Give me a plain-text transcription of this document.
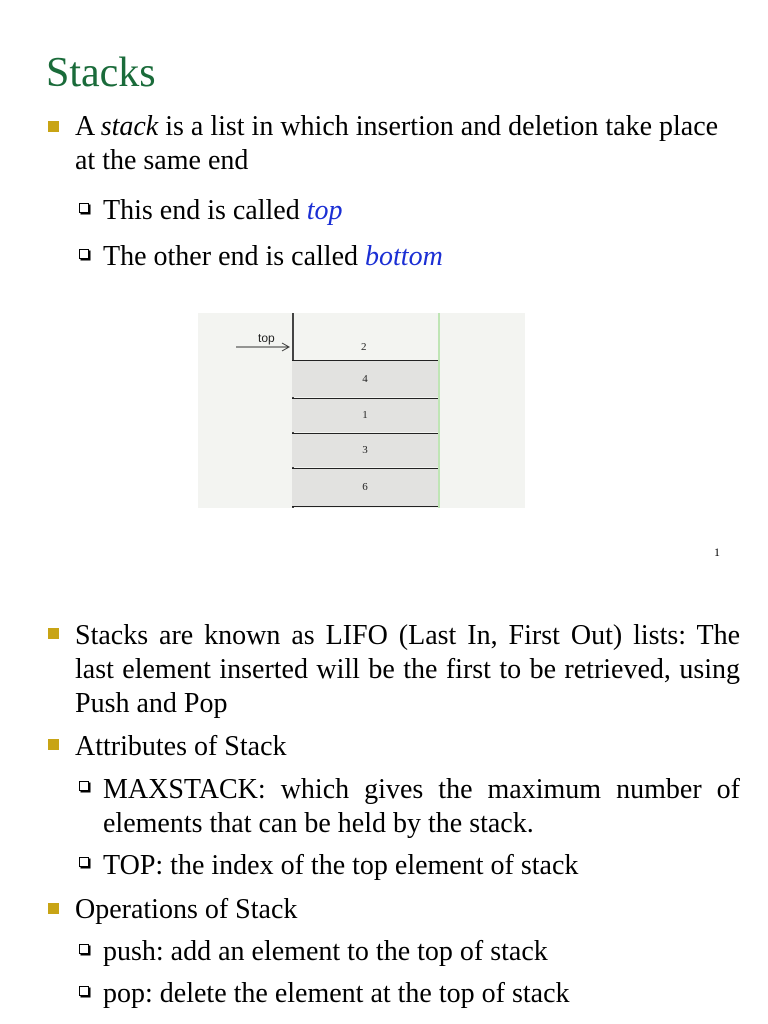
Stacks
A stack is a list in which insertion and deletion take place at the same end
This end is called top
The other end is called bottom
top
2
4
1
3
6
1
Stacks are known as LIFO (Last In, First Out) lists: The last element inserted will be the first to be retrieved, using Push and Pop
Attributes of Stack
MAXSTACK: which gives the maximum number of elements that can be held by the stack.
TOP: the index of the top element of stack
Operations of Stack
push: add an element to the top of stack
pop: delete the element at the top of stack
